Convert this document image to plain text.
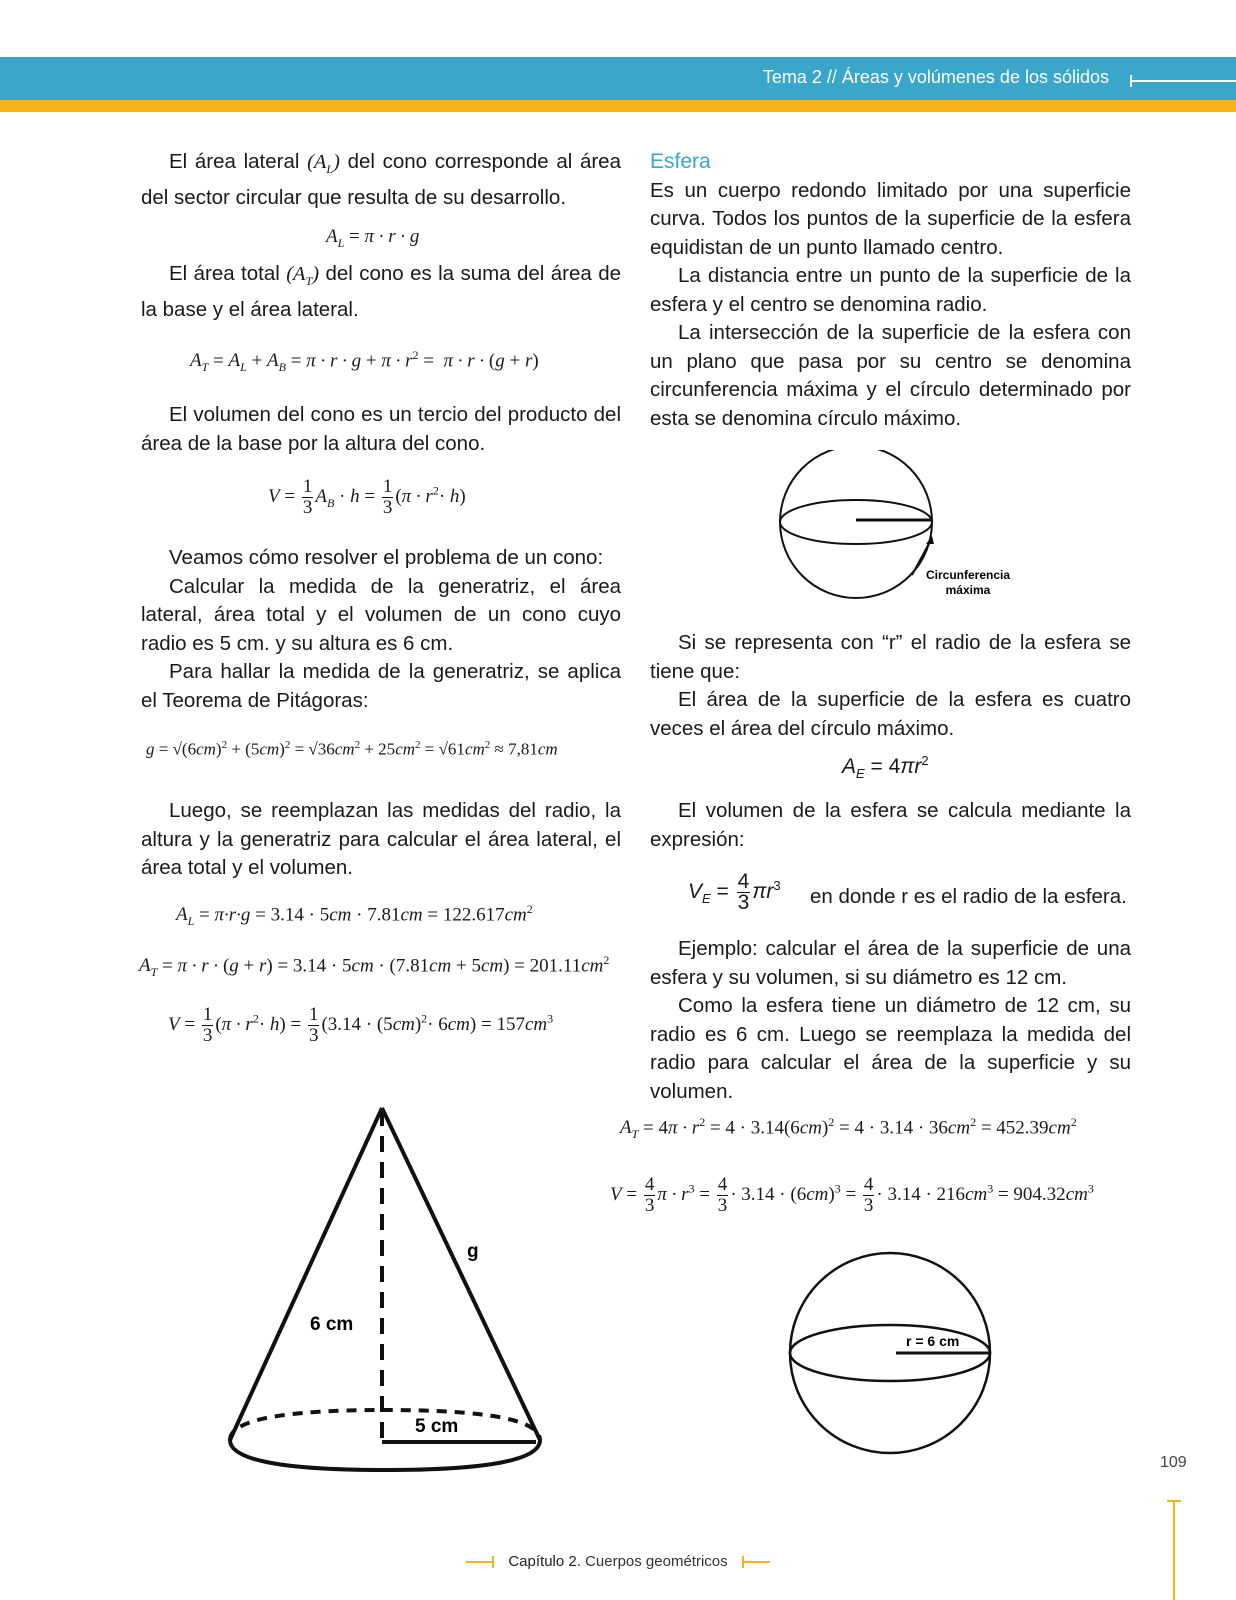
Tema 2 // Áreas y volúmenes de los sólidos

El área lateral $(A_L)$ del cono corresponde al área del sector circular que resulta de su desarrollo.

$A_L = \pi \cdot r \cdot g$

El área total $(A_T)$ del cono es la suma del área de la base y el área lateral.

$A_T = A_L + A_B = \pi \cdot r \cdot g + \pi \cdot r^2 = \pi \cdot r \cdot (g + r)$

El volumen del cono es un tercio del producto del área de la base por la altura del cono.

$V = \frac{1}{3} A_B \cdot h = \frac{1}{3} (\pi \cdot r^2\cdot h)$

Veamos cómo resolver el problema de un cono:

Calcular la medida de la generatriz, el área lateral, área total y el volumen de un cono cuyo radio es 5 cm. y su altura es 6 cm.

Para hallar la medida de la generatriz, se aplica el Teorema de Pitágoras:

$g = √(6cm)^2 + (5cm)^2 = √36cm^2 + 25cm^2 = √61cm^2 \approx 7,81cm$

Luego, se reemplazan las medidas del radio, la altura y la generatriz para calcular el área lateral, el área total y el volumen.

$A_L = \pi\cdot r\cdot g = 3.14 \cdot 5cm \cdot 7.81cm = 122.617cm^2$
$A_T = \pi \cdot r \cdot (g + r) = 3.14 \cdot 5cm \cdot (7.81cm + 5cm) = 201.11cm^2$
$V = \frac{1}{3} (\pi \cdot r^2\cdot h) = \frac{1}{3} (3.14 \cdot (5cm)^2\cdot 6cm) = 157cm^3$

Esfera

Es un cuerpo redondo limitado por una superficie curva. Todos los puntos de la superficie de la esfera equidistan de un punto llamado centro.

La distancia entre un punto de la superficie de la esfera y el centro se denomina radio.

La intersección de la superficie de la esfera con un plano que pasa por su centro se denomina circunferencia máxima y el círculo determinado por esta se denomina círculo máximo.

Circunferencia
máxima

Si se representa con “r” el radio de la esfera se tiene que:

El área de la superficie de la esfera es cuatro veces el área del círculo máximo.

$A_E = 4\pi r^2$

El volumen de la esfera se calcula mediante la expresión:

$V_E = \frac{4}{3} \pi r^3$ en donde r es el radio de la esfera.

Ejemplo: calcular el área de la superficie de una esfera y su volumen, si su diámetro es 12 cm.

Como la esfera tiene un diámetro de 12 cm, su radio es 6 cm. Luego se reemplaza la medida del radio para calcular el área de la superficie y su volumen.

$A_T = 4\pi \cdot r^2 = 4 \cdot 3.14(6cm)^2 = 4 \cdot 3.14 \cdot 36cm^2 = 452.39cm^2$
$V = \frac{4}{3}$ $\pi \cdot r^3 = \frac{4}{3} \cdot 3.14 \cdot (6cm)^3 = \frac{4}{3} \cdot 3.14 \cdot 216cm^3 = 904.32cm^3$
g
6 cm
5 cm
r = 6 cm
109
Capítulo 2. Cuerpos geométricos
